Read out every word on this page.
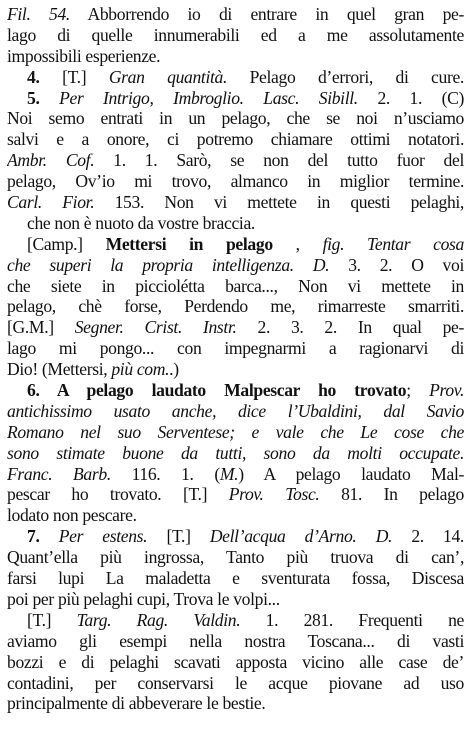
Fil. 54. Abborrendo io di entrare in quel gran pe-
lago di quelle innumerabili ed a me assolutamente
impossibili esperienze.
4. [T.] Gran quantità. Pelago d’errori, di cure.
5. Per Intrigo, Imbroglio. Lasc. Sibill. 2. 1. (C)
Noi semo entrati in un pelago, che se noi n’usciamo
salvi e a onore, ci potremo chiamare ottimi notatori.
Ambr. Cof. 1. 1. Sarò, se non del tutto fuor del
pelago, Ov’io mi trovo, almanco in miglior termine.
Carl. Fior. 153. Non vi mettete in questi pelaghi,
che non è nuoto da vostre braccia.
[Camp.] Mettersi in pelago , fig. Tentar cosa
che superi la propria intelligenza. D. 3. 2. O voi
che siete in picciolétta barca..., Non vi mettete in
pelago, chè forse, Perdendo me, rimarreste smarriti.
[G.M.] Segner. Crist. Instr. 2. 3. 2. In qual pe-
lago mi pongo... con impegnarmi a ragionarvi di
Dio! (Mettersi, più com..)
6. A pelago laudato Malpescar ho trovato; Prov.
antichissimo usato anche, dice l’Ubaldini, dal Savio
Romano nel suo Serventese; e vale che Le cose che
sono stimate buone da tutti, sono da molti occupate.
Franc. Barb. 116. 1. (M.) A pelago laudato Mal-
pescar ho trovato. [T.] Prov. Tosc. 81. In pelago
lodato non pescare.
7. Per estens. [T.] Dell’acqua d’Arno. D. 2. 14.
Quant’ella più ingrossa, Tanto più truova di can’,
farsi lupi La maladetta e sventurata fossa, Discesa
poi per più pelaghi cupi, Trova le volpi...
[T.] Targ. Rag. Valdin. 1. 281. Frequenti ne
aviamo gli esempi nella nostra Toscana... di vasti
bozzi e di pelaghi scavati apposta vicino alle case de’
contadini, per conservarsi le acque piovane ad uso
principalmente di abbeverare le bestie.
